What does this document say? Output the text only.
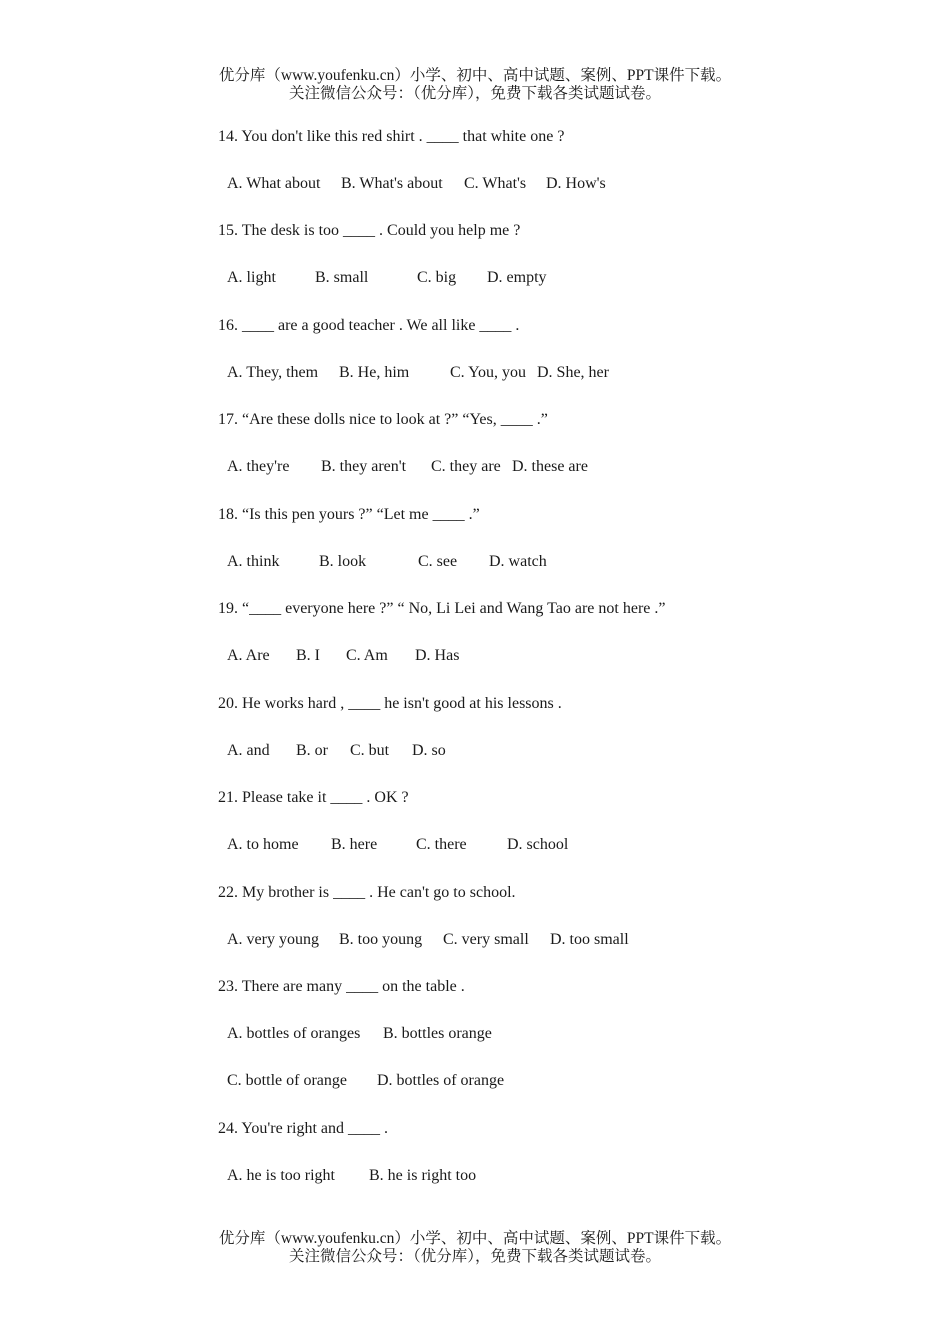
优分库（www.youfenku.cn）小学、初中、高中试题、案例、PPT课件下载。
关注微信公众号：（优分库），免费下载各类试题试卷。
14. You don't like this red shirt . ____ that white one ?

A. What about

B. What's about

C. What's

D. How's

15. The desk is too ____ . Could you help me ?

A. light

B. small

	C. big

D. empty

16. ____ are a good teacher . We all like ____ .

A. They, them

B. He, him

	C. You, you

D. She, her

17. “Are these dolls nice to look at ?” “Yes, ____ .”

A. they're

B. they aren't

C. they are

D. these are

18. “Is this pen yours ?” “Let me ____ .”

A. think

B. look

	C. see

D. watch

19. “____ everyone here ?” “ No, Li Lei and Wang Tao are not here .”

A. Are

B. I

C. Am

D. Has

20. He works hard , ____ he isn't good at his lessons .

A. and

B. or

C. but

D. so

21. Please take it ____ . OK ?

A. to home

B. here

C. there

	D. school

22. My brother is ____ . He can't go to school.

A. very young

B. too young

C. very small

D. too small

23. There are many ____ on the table .

A. bottles of oranges

B. bottles orange

C. bottle of orange

D. bottles of orange

24. You're right and ____ .

A. he is too right

B. he is right too

优分库（www.youfenku.cn）小学、初中、高中试题、案例、PPT课件下载。
关注微信公众号：（优分库），免费下载各类试题试卷。
